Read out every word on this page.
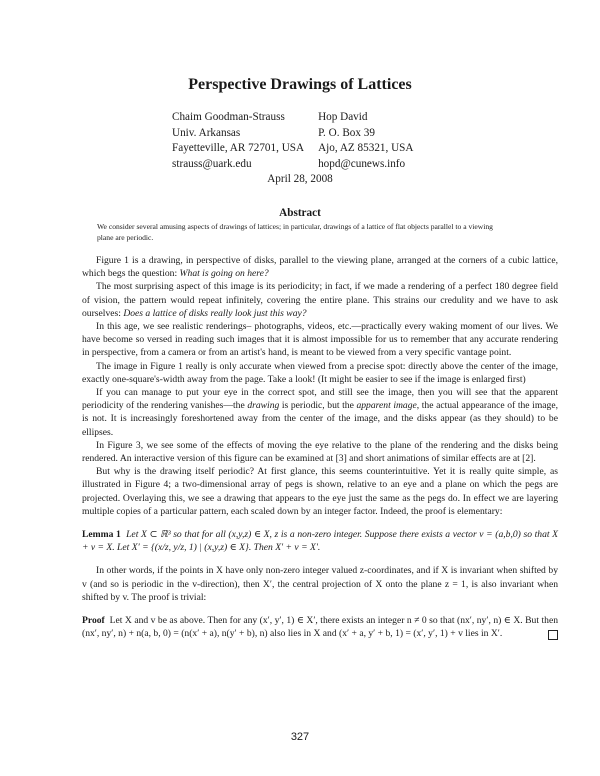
Perspective Drawings of Lattices
Chaim Goodman-Strauss
Univ. Arkansas
Fayetteville, AR 72701, USA
strauss@uark.edu
Hop David
P. O. Box 39
Ajo, AZ 85321, USA
hopd@cunews.info
April 28, 2008
Abstract
We consider several amusing aspects of drawings of lattices; in particular, drawings of a lattice of flat objects parallel to a viewing plane are periodic.

Figure 1 is a drawing, in perspective of disks, parallel to the viewing plane, arranged at the corners of a cubic lattice, which begs the question: What is going on here?

The most surprising aspect of this image is its periodicity; in fact, if we made a rendering of a perfect 180 degree field of vision, the pattern would repeat infinitely, covering the entire plane. This strains our credulity and we have to ask ourselves: Does a lattice of disks really look just this way?

In this age, we see realistic renderings– photographs, videos, etc.—practically every waking moment of our lives. We have become so versed in reading such images that it is almost impossible for us to remember that any accurate rendering in perspective, from a camera or from an artist's hand, is meant to be viewed from a very specific vantage point.

The image in Figure 1 really is only accurate when viewed from a precise spot: directly above the center of the image, exactly one-square's-width away from the page. Take a look! (It might be easier to see if the image is enlarged first)

If you can manage to put your eye in the correct spot, and still see the image, then you will see that the apparent periodicity of the rendering vanishes—the drawing is periodic, but the apparent image, the actual appearance of the image, is not. It is increasingly foreshortened away from the center of the image, and the disks appear (as they should) to be ellipses.

In Figure 3, we see some of the effects of moving the eye relative to the plane of the rendering and the disks being rendered. An interactive version of this figure can be examined at [3] and short animations of similar effects are at [2].

But why is the drawing itself periodic? At first glance, this seems counterintuitive. Yet it is really quite simple, as illustrated in Figure 4; a two-dimensional array of pegs is shown, relative to an eye and a plane on which the pegs are projected. Overlaying this, we see a drawing that appears to the eye just the same as the pegs do. In effect we are layering multiple copies of a particular pattern, each scaled down by an integer factor. Indeed, the proof is elementary:

Lemma 1 Let X ⊂ ℝ³ so that for all (x,y,z) ∈ X, z is a non-zero integer. Suppose there exists a vector v = (a,b,0) so that X + v = X. Let X′ = {(x/z, y/z, 1) | (x,y,z) ∈ X}. Then X′ + v = X′.

In other words, if the points in X have only non-zero integer valued z-coordinates, and if X is invariant when shifted by v (and so is periodic in the v-direction), then X′, the central projection of X onto the plane z = 1, is also invariant when shifted by v. The proof is trivial:

Proof Let X and v be as above. Then for any (x′, y′, 1) ∈ X′, there exists an integer n ≠ 0 so that (nx′, ny′, n) ∈ X. But then (nx′, ny′, n) + n(a, b, 0) = (n(x′ + a), n(y′ + b), n) also lies in X and (x′ + a, y′ + b, 1) = (x′, y′, 1) + v lies in X′.

327
